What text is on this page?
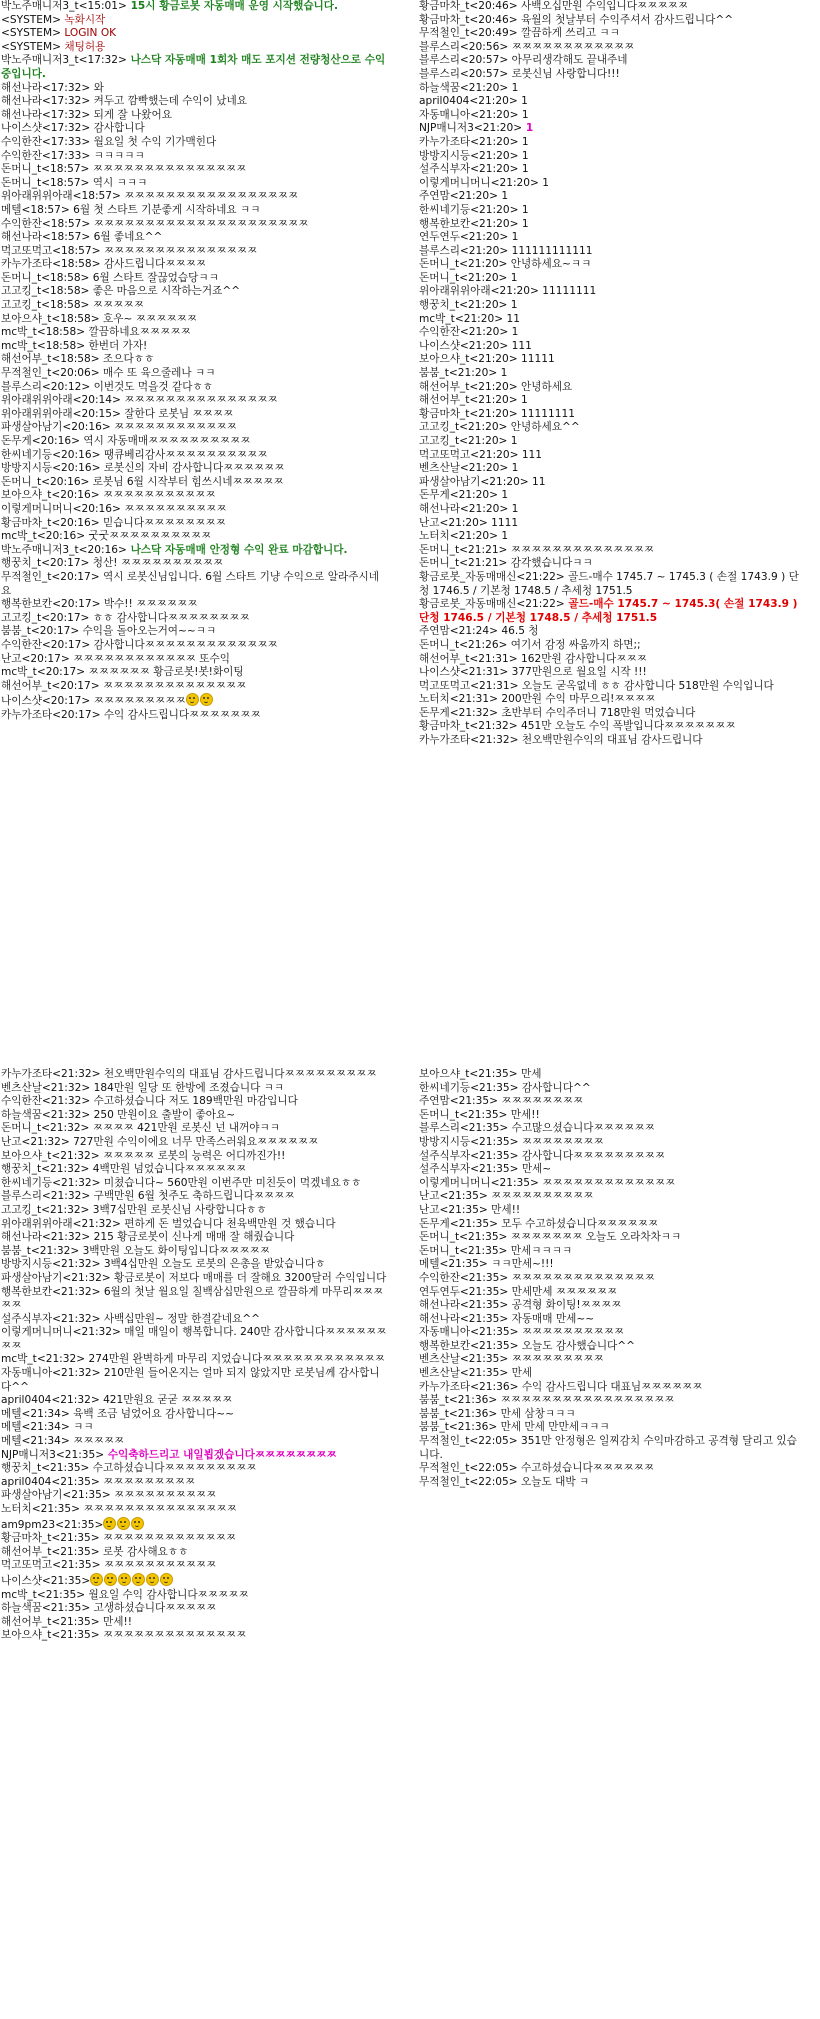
박노주매니저3_t<15:01> 15시 황금로봇 자동매매 운영 시작했습니다.
<SYSTEM> 녹화시작
<SYSTEM> LOGIN OK
<SYSTEM> 채팅허용
박노주매니저3_t<17:32> 나스닥 자동매매 1회차 매도 포지션 전량청산으로 수익 중입니다.
해선나라<17:32> 와
해선나라<17:32> 켜두고 깜빡했는데 수익이 났네요
해선나라<17:32> 되게 잘 나왔어요
나이스샷<17:32> 감사합니다
수익한잔<17:33> 월요일 첫 수익 기가맥힌다
수익한잔<17:33> ㅋㅋㅋㅋㅋ
돈머니_t<18:57> ㅉㅉㅉㅉㅉㅉㅉㅉㅉㅉㅉㅉㅉㅉㅉ
돈머니_t<18:57> 역시 ㅋㅋㅋ
위아래위위아래<18:57> ㅉㅉㅉㅉㅉㅉㅉㅉㅉㅉㅉㅉㅉㅉㅉㅉㅉ
메텔<18:57> 6월 첫 스타트 기분좋게 시작하네요 ㅋㅋ
수익한잔<18:57> ㅉㅉㅉㅉㅉㅉㅉㅉㅉㅉㅉㅉㅉㅉㅉㅉㅉㅉㅉㅉㅉ
해선나라<18:57> 6월 좋네요^^
먹고또먹고<18:57> ㅉㅉㅉㅉㅉㅉㅉㅉㅉㅉㅉㅉㅉㅉㅉ
카누가조타<18:58> 감사드립니다ㅉㅉㅉㅉ
돈머니_t<18:58> 6월 스타트 잘끊었습당ㅋㅋ
고고킹_t<18:58> 좋은 마음으로 시작하는거죠^^
고고킹_t<18:58> ㅉㅉㅉㅉㅉ
보아으샤_t<18:58> 호우~ ㅉㅉㅉㅉㅉㅉ
mc박_t<18:58> 깔끔하네요ㅉㅉㅉㅉㅉ
mc박_t<18:58> 한번더 가자!
해선어부_t<18:58> 조으다ㅎㅎ
무적철인_t<20:06> 매수 또 육으줄레나 ㅋㅋ
블루스리<20:12> 이번것도 먹을것 같다ㅎㅎ
위아래위위아래<20:14> ㅉㅉㅉㅉㅉㅉㅉㅉㅉㅉㅉㅉㅉㅉㅉ
위아래위위아래<20:15> 잘한다 로봇님 ㅉㅉㅉㅉ
파생살아남기<20:16> ㅉㅉㅉㅉㅉㅉㅉㅉㅉㅉㅉㅉ
돈무게<20:16> 역시 자동매매ㅉㅉㅉㅉㅉㅉㅉㅉㅉㅉ
한씨네기등<20:16> 땡큐베리감사ㅉㅉㅉㅉㅉㅉㅉㅉㅉㅉ
방방지시등<20:16> 로봇신의 자비 감사합니다ㅉㅉㅉㅉㅉㅉ
돈머니_t<20:16> 로봇님 6월 시작부터 힘쓰시네ㅉㅉㅉㅉㅉ
보아으샤_t<20:16> ㅉㅉㅉㅉㅉㅉㅉㅉㅉㅉㅉ
이렇게머니머니<20:16> ㅉㅉㅉㅉㅉㅉㅉㅉㅉㅉ
황금마차_t<20:16> 믿습니다ㅉㅉㅉㅉㅉㅉㅉㅉ
mc박_t<20:16> 굿굿ㅉㅉㅉㅉㅉㅉㅉㅉㅉㅉ
박노주매니저3_t<20:16> 나스닥 자동매매 안정형 수익 완료 마감합니다.
행꿍치_t<20:17> 청산! ㅉㅉㅉㅉㅉㅉㅉㅉㅉㅉ
무적철인_t<20:17> 역시 로봇신님입니다. 6월 스타트 기냥 수익으로 알라주시네요
행복한보칸<20:17> 박수!! ㅉㅉㅉㅉㅉㅉ
고고킹_t<20:17> ㅎㅎ 감사합니다ㅉㅉㅉㅉㅉㅉㅉㅉ
붐붐_t<20:17> 수익을 돌아오는거여~~ㅋㅋ
수익한잔<20:17> 감사합니다ㅉㅉㅉㅉㅉㅉㅉㅉㅉㅉㅉㅉㅉ
난고<20:17> ㅉㅉㅉㅉㅉㅉㅉㅉㅉㅉㅉㅉ 또수익
mc박_t<20:17> ㅉㅉㅉㅉㅉㅉ 황금로봇!봇!화이팅
해선어부_t<20:17> ㅉㅉㅉㅉㅉㅉㅉㅉㅉㅉㅉㅉㅉㅉ
나이스샷<20:17> ㅉㅉㅉㅉㅉㅉㅉㅉㅉ
카누가조타<20:17> 수익 감사드립니다ㅉㅉㅉㅉㅉㅉㅉ
황금마차_t<20:46> 사백오십만원 수익입니다ㅉㅉㅉㅉㅉ
황금마차_t<20:46> 육월의 첫날부터 수익주셔서 감사드립니다^^
무적철인_t<20:49> 깔끔하게 쓰리고 ㅋㅋ
블루스리<20:56> ㅉㅉㅉㅉㅉㅉㅉㅉㅉㅉㅉㅉ
블루스리<20:57> 아무리생각해도 끝내주네
블루스리<20:57> 로봇신님 사랑합니다!!!
하늘색꿈<21:20> 1
april0404<21:20> 1
자동매니아<21:20> 1
NJP매니저3<21:20> 1
카누가조타<21:20> 1
방방지시등<21:20> 1
설주식부자<21:20> 1
이렇게머니머니<21:20> 1
주연맘<21:20> 1
한씨네기등<21:20> 1
행복한보칸<21:20> 1
연두연두<21:20> 1
블루스리<21:20> 111111111111
돈머니_t<21:20> 안녕하세요~ㅋㅋ
돈머니_t<21:20> 1
위아래위위아래<21:20> 11111111
행꿍치_t<21:20> 1
mc박_t<21:20> 11
수익한잔<21:20> 1
나이스샷<21:20> 111
보아으샤_t<21:20> 11111
붐붐_t<21:20> 1
해선어부_t<21:20> 안녕하세요
해선어부_t<21:20> 1
황금마차_t<21:20> 11111111
고고킹_t<21:20> 안녕하세요^^
고고킹_t<21:20> 1
먹고또먹고<21:20> 111
벤츠산날<21:20> 1
파생살아남기<21:20> 11
돈무게<21:20> 1
해선나라<21:20> 1
난고<21:20> 1111
노터치<21:20> 1
돈머니_t<21:21> ㅉㅉㅉㅉㅉㅉㅉㅉㅉㅉㅉㅉㅉㅉ
돈머니_t<21:21> 감각했습니다ㅋㅋ
황금로봇_자동매매신<21:22> 골드-매수 1745.7 ~ 1745.3 ( 손절 1743.9 ) 단청 1746.5 / 기본청 1748.5 / 추세청 1751.5
황금로봇_자동매매신<21:22> 골드-매수 1745.7 ~ 1745.3( 손절 1743.9 ) 단청 1746.5 / 기본청 1748.5 / 추세청 1751.5
주연맘<21:24> 46.5 청
돈머니_t<21:26> 여기서 감정 싸움까지 하면;;
해선어부_t<21:31> 162만원 감사합니다ㅉㅉㅉ
나이스샷<21:31> 377만원으로 월요일 시작 !!!
먹고또먹고<21:31> 오늘도 굳옥없네 ㅎㅎ 감사합니다 518만원 수익입니다
노터치<21:31> 200만원 수익 마무으리!ㅉㅉㅉㅉ
돈무게<21:32> 초반부터 수익주더니 718만원 먹었습니다
황금마차_t<21:32> 451만 오늘도 수익 폭발입니다ㅉㅉㅉㅉㅉㅉㅉ
카누가조타<21:32> 천오백만원수익의 대표님 감사드립니다
카누가조타<21:32> 천오백만원수익의 대표님 감사드립니다ㅉㅉㅉㅉㅉㅉㅉㅉㅉ
벤츠산날<21:32> 184만원 일당 또 한방에 조졌습니다 ㅋㅋ
수익한잔<21:32> 수고하셨습니다 저도 189백만원 마감입니다
하늘색꿈<21:32> 250 만원이요 출발이 좋아요~
돈머니_t<21:32> ㅉㅉㅉㅉ 421만원 로봇신 넌 내꺼야ㅋㅋ
난고<21:32> 727만원 수익이에요 너무 만족스러워요ㅉㅉㅉㅉㅉㅉ
보아으샤_t<21:32> ㅉㅉㅉㅉㅉ 로봇의 능력은 어디까진가!!
행꿍치_t<21:32> 4백만원 넘었습니다ㅉㅉㅉㅉㅉㅉ
한씨네기등<21:32> 미쳤습니다~ 560만원 이번주만 미친듯이 먹겠네요ㅎㅎ
블루스리<21:32> 구백만원 6월 첫주도 축하드립니다ㅉㅉㅉㅉ
고고킹_t<21:32> 3백7십만원 로봇신님 사랑합니다ㅎㅎ
위아래위위아래<21:32> 편하게 돈 벌었습니다 천육백만원 것 했습니다
해선나라<21:32> 215 황금로봇이 신나게 매매 잘 해줬습니다
붐붐_t<21:32> 3백만원 오늘도 화이팅입니다ㅉㅉㅉㅉㅉ
방방지시등<21:32> 3백4십만원 오늘도 로봇의 은총을 받았습니다ㅎ
파생살아남기<21:32> 황금로봇이 저보다 매매를 더 잘해요 3200달러 수익입니다
행복한보칸<21:32> 6월의 첫날 월요일 칠백삼십만원으로 깔끔하게 마무리ㅉㅉㅉㅉㅉ
설주식부자<21:32> 사백십만원~ 정말 한결같네요^^
이렇게머니머니<21:32> 매일 매일이 행복합니다. 240만 감사합니다ㅉㅉㅉㅉㅉㅉㅉㅉ
mc박_t<21:32> 274만원 완벽하게 마무리 지었습니다ㅉㅉㅉㅉㅉㅉㅉㅉㅉㅉㅉㅉ
자동매니아<21:32> 210만원 들어온지는 얼마 되지 않았지만 로봇님께 감사합니다^^
april0404<21:32> 421만원요 굳굳 ㅉㅉㅉㅉㅉ
메텔<21:34> 육백 조금 넘었어요 감사합니다~~
메텔<21:34> ㅋㅋ
메텔<21:34> ㅉㅉㅉㅉㅉ
NJP매니저3<21:35> 수익축하드리고 내일뵙겠습니다ㅉㅉㅉㅉㅉㅉㅉㅉ
행꿍치_t<21:35> 수고하셨습니다ㅉㅉㅉㅉㅉㅉㅉㅉㅉ
april0404<21:35> ㅉㅉㅉㅉㅉㅉㅉㅉㅉ
파생살아남기<21:35> ㅉㅉㅉㅉㅉㅉㅉㅉㅉㅉ
노터치<21:35> ㅉㅉㅉㅉㅉㅉㅉㅉㅉㅉㅉㅉㅉㅉㅉ
am9pm23<21:35>
황금마차_t<21:35> ㅉㅉㅉㅉㅉㅉㅉㅉㅉㅉㅉㅉㅉ
해선어부_t<21:35> 로봇 감사해요ㅎㅎ
먹고또먹고<21:35> ㅉㅉㅉㅉㅉㅉㅉㅉㅉㅉㅉ
나이스샷<21:35>
mc박_t<21:35> 월요일 수익 감사합니다ㅉㅉㅉㅉㅉ
하늘색꿈<21:35> 고생하셨습니다ㅉㅉㅉㅉㅉ
해선어부_t<21:35> 만세!!
보아으샤_t<21:35> ㅉㅉㅉㅉㅉㅉㅉㅉㅉㅉㅉㅉㅉㅉ
보아으샤_t<21:35> 만세
한씨네기등<21:35> 감사합니다^^
주연맘<21:35> ㅉㅉㅉㅉㅉㅉㅉㅉ
돈머니_t<21:35> 만세!!
블루스리<21:35> 수고많으셨습니다ㅉㅉㅉㅉㅉㅉ
방방지시등<21:35> ㅉㅉㅉㅉㅉㅉㅉㅉ
설주식부자<21:35> 감사합니다ㅉㅉㅉㅉㅉㅉㅉㅉㅉ
설주식부자<21:35> 만세~
이렇게머니머니<21:35> ㅉㅉㅉㅉㅉㅉㅉㅉㅉㅉㅉㅉㅉ
난고<21:35> ㅉㅉㅉㅉㅉㅉㅉㅉㅉㅉ
난고<21:35> 만세!!
돈무게<21:35> 모두 수고하셨습니다ㅉㅉㅉㅉㅉㅉ
돈머니_t<21:35> ㅉㅉㅉㅉㅉㅉㅉ 오늘도 오라차차ㅋㅋ
돈머니_t<21:35> 만세ㅋㅋㅋㅋ
메텔<21:35> ㅋㅋ만세~!!!
수익한잔<21:35> ㅉㅉㅉㅉㅉㅉㅉㅉㅉㅉㅉㅉㅉㅉ
연두연두<21:35> 만세만세 ㅉㅉㅉㅉㅉㅉ
해선나라<21:35> 공격형 화이팅!ㅉㅉㅉㅉ
해선나라<21:35> 자동매매 만세~~
자동매니아<21:35> ㅉㅉㅉㅉㅉㅉㅉㅉㅉㅉ
행복한보칸<21:35> 오늘도 감사했습니다^^
벤츠산날<21:35> ㅉㅉㅉㅉㅉㅉㅉㅉㅉ
벤츠산날<21:35> 만세
카누가조타<21:36> 수익 감사드립니다 대표님ㅉㅉㅉㅉㅉㅉ
붐붐_t<21:36> ㅉㅉㅉㅉㅉㅉㅉㅉㅉㅉㅉㅉㅉㅉㅉㅉㅉ
붐붐_t<21:36> 만세 삼창ㅋㅋㅋ
붐붐_t<21:36> 만세 만세 만만세ㅋㅋㅋ
무적철인_t<22:05> 351만 안정형은 일찌감치 수익마감하고 공격형 달리고 있습니다.
무적철인_t<22:05> 수고하셨습니다ㅉㅉㅉㅉㅉㅉ
무적철인_t<22:05> 오늘도 대박 ㅋ
